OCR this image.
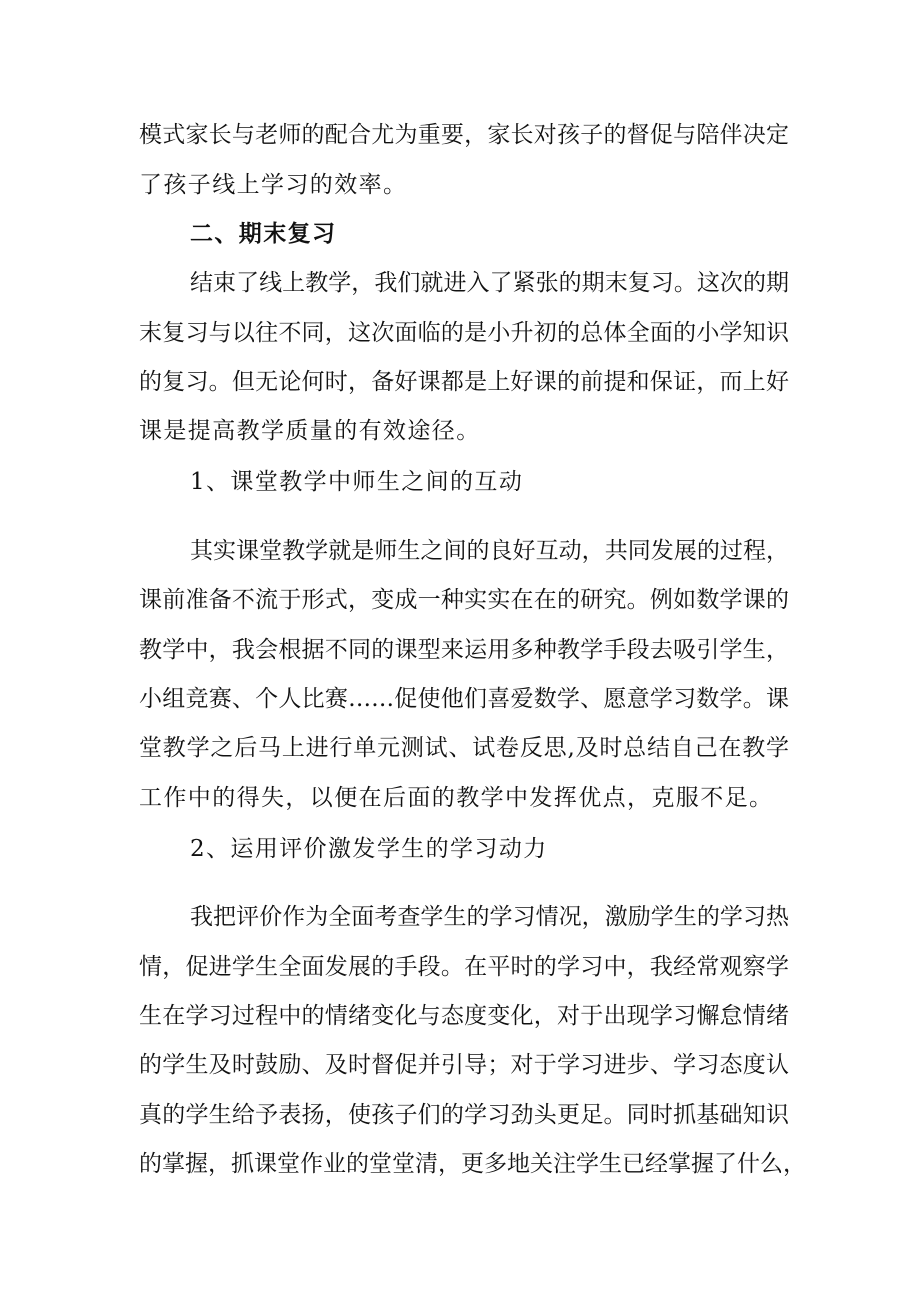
模式家长与老师的配合尤为重要，家长对孩子的督促与陪伴决定
了孩子线上学习的效率。
二、期末复习
结束了线上教学，我们就进入了紧张的期末复习。这次的期
末复习与以往不同，这次面临的是小升初的总体全面的小学知识
的复习。但无论何时，备好课都是上好课的前提和保证，而上好
课是提高教学质量的有效途径。
1、课堂教学中师生之间的互动
其实课堂教学就是师生之间的良好互动，共同发展的过程，
课前准备不流于形式，变成一种实实在在的研究。例如数学课的
教学中，我会根据不同的课型来运用多种教学手段去吸引学生，
小组竞赛、个人比赛……促使他们喜爱数学、愿意学习数学。课
堂教学之后马上进行单元测试、试卷反思,及时总结自己在教学
工作中的得失，以便在后面的教学中发挥优点，克服不足。
2、运用评价激发学生的学习动力
我把评价作为全面考查学生的学习情况，激励学生的学习热
情，促进学生全面发展的手段。在平时的学习中，我经常观察学
生在学习过程中的情绪变化与态度变化，对于出现学习懈怠情绪
的学生及时鼓励、及时督促并引导；对于学习进步、学习态度认
真的学生给予表扬，使孩子们的学习劲头更足。同时抓基础知识
的掌握，抓课堂作业的堂堂清，更多地关注学生已经掌握了什么，
